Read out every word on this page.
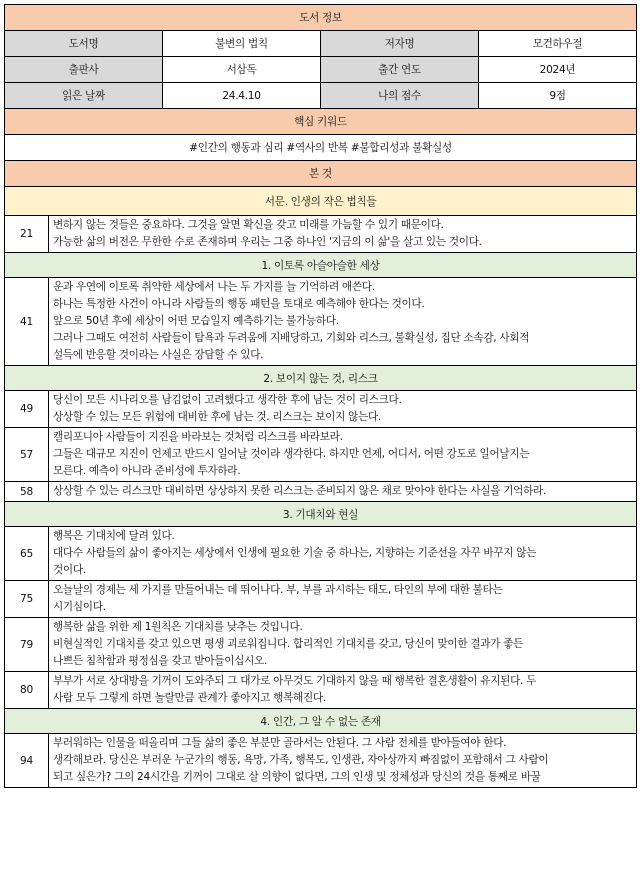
도서 정보				
도서명		불변의 법칙	저자명	모건하우절
출판사		서삼독	출간 연도	2024년
읽은 날짜		24.4.10	나의 점수	9점
핵심 키워드				
#인간의 행동과 심리 #역사의 반복 #불합리성과 불확실성				
본 것				
서문. 인생의 작은 법칙들				
21	변하지 않는 것들은 중요하다. 그것을 알면 확신을 갖고 미래를 가늠할 수 있기 때문이다.
가능한 삶의 버전은 무한한 수로 존재하며 우리는 그중 하나인 '지금의 이 삶'을 살고 있는 것이다.			

1. 이토록 아슬아슬한 세상				
41	운과 우연에 이토록 취약한 세상에서 나는 두 가지를 늘 기억하려 애쓴다.
하나는 특정한 사건이 아니라 사람들의 행동 패턴을 토대로 예측해야 한다는 것이다.
앞으로 50년 후에 세상이 어떤 모습일지 예측하기는 불가능하다.
그러나 그때도 여전히 사람들이 탐욕과 두려움에 지배당하고, 기회와 리스크, 불확실성, 집단 소속감, 사회적
설득에 반응할 것이라는 사실은 장담할 수 있다.			

2. 보이지 않는 것, 리스크				
49	당신이 모든 시나리오를 남김없이 고려했다고 생각한 후에 남는 것이 리스크다.
상상할 수 있는 모든 위험에 대비한 후에 남는 것. 리스크는 보이지 않는다.			

57	캘리포니아 사람들이 지진을 바라보는 것처럼 리스크를 바라보라.
그들은 대규모 지진이 언제고 반드시 일어날 것이라 생각한다. 하지만 언제, 어디서, 어떤 강도로 일어날지는
모른다. 예측이 아니라 준비성에 투자하라.			

58	상상할 수 있는 리스크만 대비하면 상상하지 못한 리스크는 준비되지 않은 채로 맞아야 한다는 사실을 기억하라.			

3. 기대치와 현실				
65	행복은 기대치에 달려 있다.
대다수 사람들의 삶이 좋아지는 세상에서 인생에 필요한 기술 중 하나는, 지향하는 기준선을 자꾸 바꾸지 않는
것이다.			

75	오늘날의 경제는 세 가지를 만들어내는 데 뛰어나다. 부, 부를 과시하는 태도, 타인의 부에 대한 불타는
시기심이다.			

79	행복한 삶을 위한 제 1원칙은 기대치를 낮추는 것입니다.
비현실적인 기대치를 갖고 있으면 평생 괴로워집니다. 합리적인 기대치를 갖고, 당신이 맞이한 결과가 좋든
나쁘든 침착함과 평정심을 갖고 받아들이십시오.			

80	부부가 서로 상대방을 기꺼이 도와주되 그 대가로 아무것도 기대하지 않을 때 행복한 결혼생활이 유지된다. 두
사람 모두 그렇게 하면 놀랄만큼 관계가 좋아지고 행복해진다.			

4. 인간, 그 알 수 없는 존재				
94	부러워하는 인물을 떠올리며 그들 삶의 좋은 부분만 골라서는 안된다. 그 사람 전체를 받아들여야 한다.
생각해보라. 당신은 부러운 누군가의 행동, 욕망, 가족, 행복도, 인생관, 자아상까지 빠짐없이 포함해서 그 사람이
되고 싶은가? 그의 24시간을 기꺼이 그대로 살 의향이 없다면, 그의 인생 및 정체성과 당신의 것을 통째로 바꿀			
